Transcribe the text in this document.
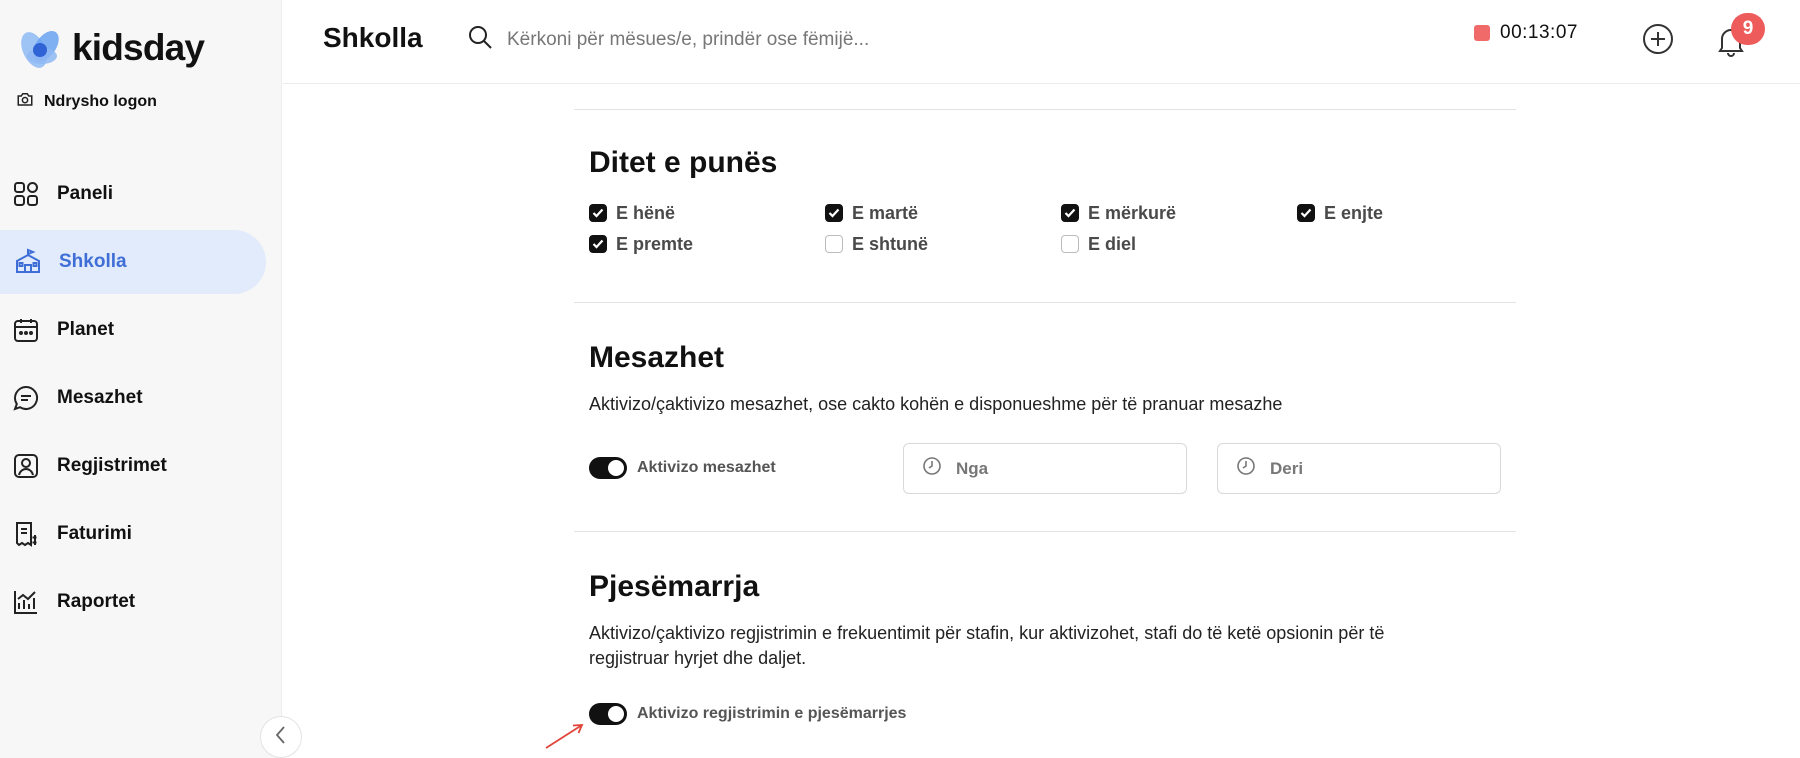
kidsday
Ndrysho logon
Paneli
Shkolla
Planet
Mesazhet
Regjistrimet
Faturimi
Raportet
Shkolla
Kërkoni për mësues/e, prindër ose fëmijë...	00:13:07	9
Ditet e punës
E hënë	E martë	E mërkurë	E enjte
E premte	E shtunë	E diel
Mesazhet

Aktivizo/çaktivizo mesazhet, ose cakto kohën e disponueshme për të pranuar mesazhe

Aktivizo mesazhet
Nga
Deri
Pjesëmarrja

Aktivizo/çaktivizo regjistrimin e frekuentimit për stafin, kur aktivizohet, stafi do të ketë opsionin për të regjistruar hyrjet dhe daljet.

Aktivizo regjistrimin e pjesëmarrjes
